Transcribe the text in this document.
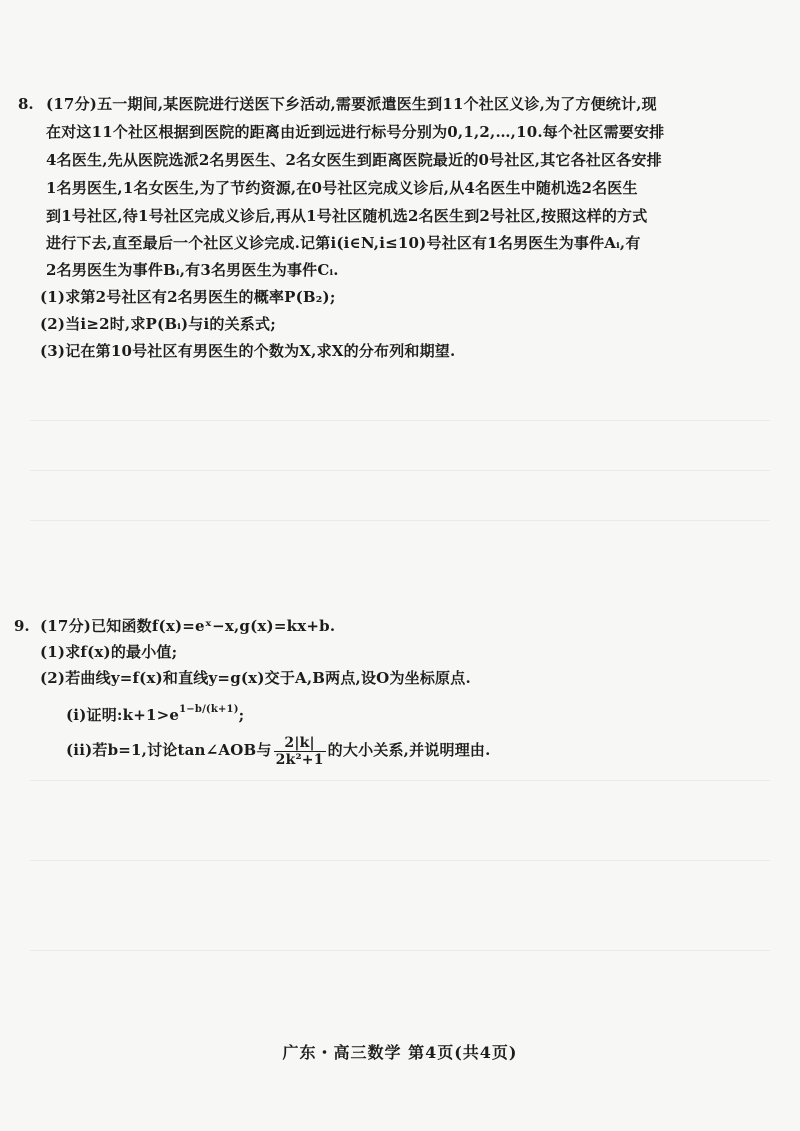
8. (17分)五一期间,某医院进行送医下乡活动,需要派遣医生到11个社区义诊,为了方便统计,现
在对这11个社区根据到医院的距离由近到远进行标号分别为0,1,2,…,10.每个社区需要安排
4名医生,先从医院选派2名男医生、2名女医生到距离医院最近的0号社区,其它各社区各安排
1名男医生,1名女医生,为了节约资源,在0号社区完成义诊后,从4名医生中随机选2名医生
到1号社区,待1号社区完成义诊后,再从1号社区随机选2名医生到2号社区,按照这样的方式
进行下去,直至最后一个社区义诊完成.记第i(i∈N,i≤10)号社区有1名男医生为事件Aᵢ,有
2名男医生为事件Bᵢ,有3名男医生为事件Cᵢ.
(1)求第2号社区有2名男医生的概率P(B₂);
(2)当i≥2时,求P(Bᵢ)与i的关系式;
(3)记在第10号社区有男医生的个数为X,求X的分布列和期望.
9. (17分)已知函数f(x)=eˣ−x,g(x)=kx+b.
(1)求f(x)的最小值;
(2)若曲线y=f(x)和直线y=g(x)交于A,B两点,设O为坐标原点.
(i)证明$:k+1>e^{1-b/(k+1)}$;
(ii)若b=1,讨论tan∠AOB与 $\frac{2|k|}{\text{2k²+1}}$ 的大小关系,并说明理由.
广东・高三数学 第4页(共4页)
